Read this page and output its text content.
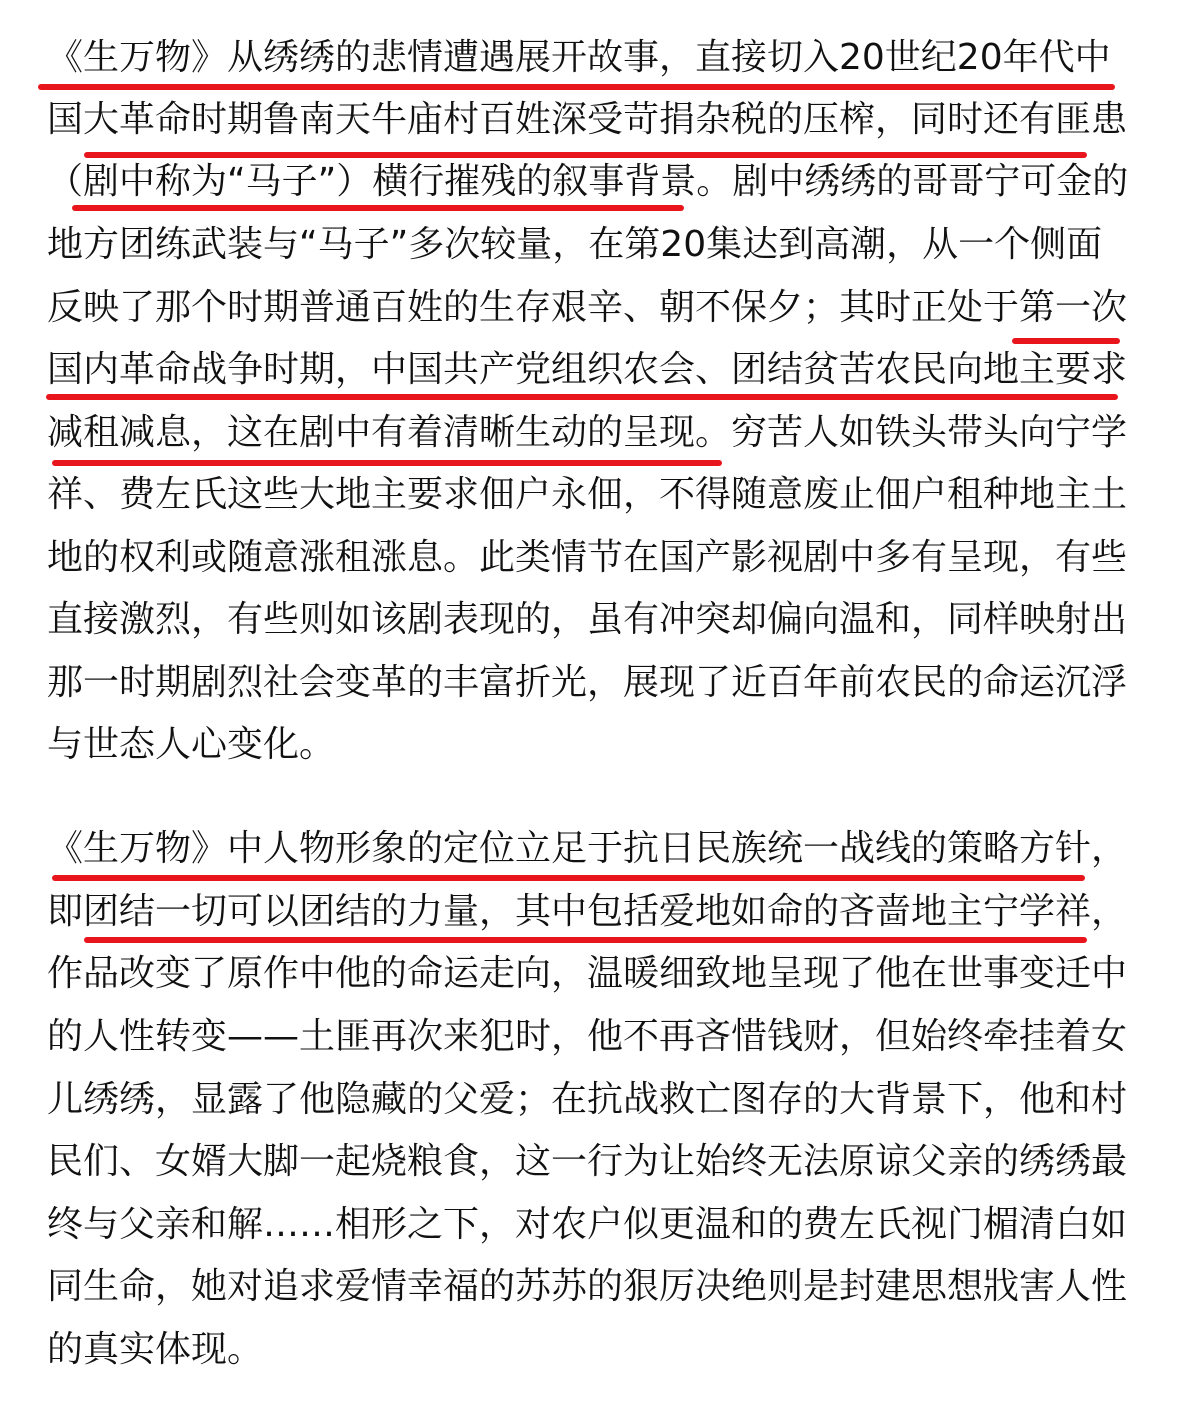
《生万物》从绣绣的悲情遭遇展开故事，直接切入20世纪20年代中
国大革命时期鲁南天牛庙村百姓深受苛捐杂税的压榨，同时还有匪患
（剧中称为“马子”）横行摧残的叙事背景。剧中绣绣的哥哥宁可金的
地方团练武装与“马子”多次较量，在第20集达到高潮，从一个侧面
反映了那个时期普通百姓的生存艰辛、朝不保夕；其时正处于第一次
国内革命战争时期，中国共产党组织农会、团结贫苦农民向地主要求
减租减息，这在剧中有着清晰生动的呈现。穷苦人如铁头带头向宁学
祥、费左氏这些大地主要求佃户永佃，不得随意废止佃户租种地主土
地的权利或随意涨租涨息。此类情节在国产影视剧中多有呈现，有些
直接激烈，有些则如该剧表现的，虽有冲突却偏向温和，同样映射出
那一时期剧烈社会变革的丰富折光，展现了近百年前农民的命运沉浮
与世态人心变化。
《生万物》中人物形象的定位立足于抗日民族统一战线的策略方针，
即团结一切可以团结的力量，其中包括爱地如命的吝啬地主宁学祥，
作品改变了原作中他的命运走向，温暖细致地呈现了他在世事变迁中
的人性转变——土匪再次来犯时，他不再吝惜钱财，但始终牵挂着女
儿绣绣，显露了他隐藏的父爱；在抗战救亡图存的大背景下，他和村
民们、女婿大脚一起烧粮食，这一行为让始终无法原谅父亲的绣绣最
终与父亲和解……相形之下，对农户似更温和的费左氏视门楣清白如
同生命，她对追求爱情幸福的苏苏的狠厉决绝则是封建思想戕害人性
的真实体现。
